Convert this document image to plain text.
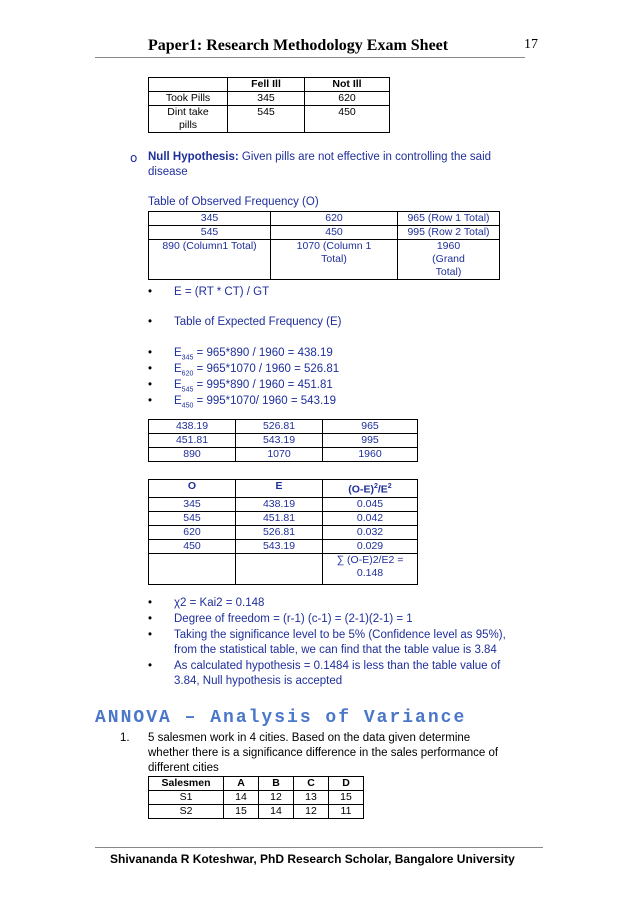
Paper1: Research Methodology Exam Sheet	17
	Fell Ill	Not Ill
Took Pills	345	620
Dint take pills	545	450
o Null Hypothesis: Given pills are not effective in controlling the said
disease
Table of Observed Frequency (O)
345	620	965 (Row 1 Total)
545	450	995 (Row 2 Total)
890 (Column1 Total)	1070 (Column 1 Total)	1960 (Grand Total)
• E = (RT * CT) / GT
• Table of Expected Frequency (E)
• $E_{345} = 965*890 / 1960 = 438.19$
• $E_{620} = 965*1070 / 1960 = 526.81$
• $E_{545} = 995*890 / 1960 = 451.81$
• $E_{450} = 995*1070/$ 1960 = 543.19
438.19	526.81	965
451.81	543.19	995
890	1070	1960
O	E	$(O-E)^2/E^2$
345	438.19	0.045
545	451.81	0.042
620	526.81	0.032
450	543.19	0.029

		∑ (O-E)2/E2 =
0.148
• χ2 = Kai2 = 0.148
• Degree of freedom = (r-1) (c-1) = (2-1)(2-1) = 1
• Taking the significance level to be 5% (Confidence level as 95%),
from the statistical table, we can find that the table value is 3.84
• As calculated hypothesis = 0.1484 is less than the table value of
3.84, Null hypothesis is accepted
ANNOVA – Analysis of Variance
1. 5 salesmen work in 4 cities. Based on the data given determine
whether there is a significance difference in the sales performance of
different cities
Salesmen	A	B	C	D
S1	14	12	13	15
S2	15	14	12	11
Shivananda R Koteshwar, PhD Research Scholar, Bangalore University
